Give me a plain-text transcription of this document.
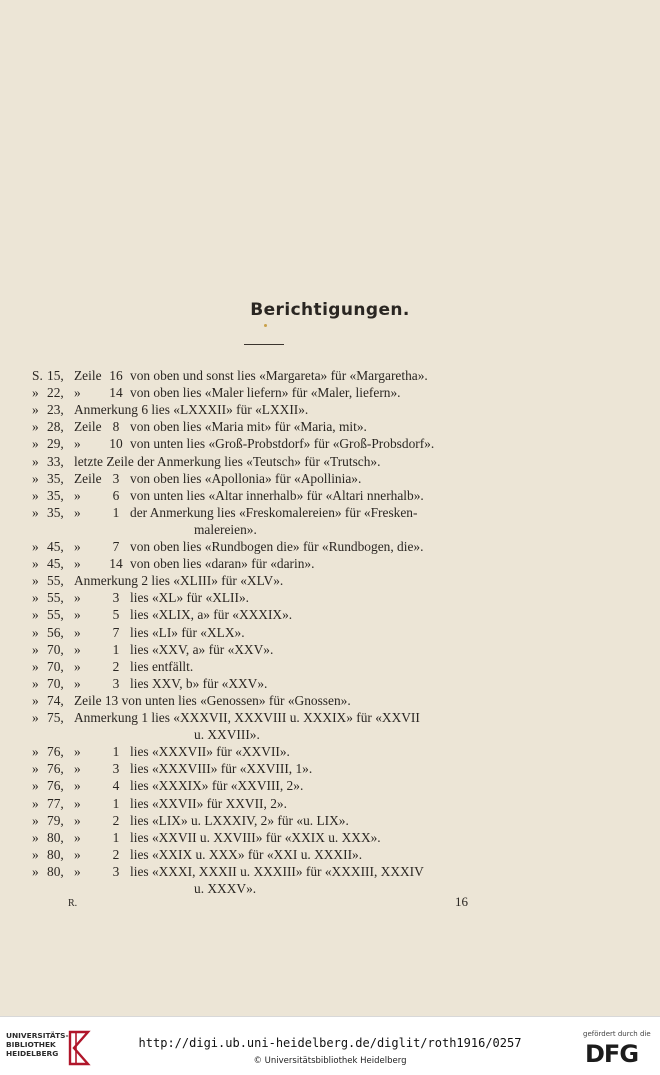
Berichtigungen.
S. 15, Zeile 16 von oben und sonst lies «Margareta» für «Margaretha».
» 22, » 14 von oben lies «Maler liefern» für «Maler, liefern».
» 23, Anmerkung 6 lies «LXXXII» für «LXXII».
» 28, Zeile 8 von oben lies «Maria mit» für «Maria, mit».
» 29, » 10 von unten lies «Groß-Probstdorf» für «Groß-Probsdorf».
» 33, letzte Zeile der Anmerkung lies «Teutsch» für «Trutsch».
» 35, Zeile 3 von oben lies «Apollonia» für «Apollinia».
» 35, »	6 von unten lies «Altar innerhalb» für «Altari nnerhalb».
» 35, »	1 der Anmerkung lies «Freskomalereien» für «Fresken-
malereien».
» 45, »	7 von oben lies «Rundbogen die» für «Rundbogen, die».
» 45, » 14 von oben lies «daran» für «darin».
» 55, Anmerkung 2 lies «XLIII» für «XLV».
» 55, »	3 lies «XL» für «XLII».
» 55, »	5 lies «XLIX, a» für «XXXIX».
» 56, »	7 lies «LI» für «XLX».
» 70, »	1 lies «XXV, a» für «XXV».
» 70, »	2 lies entfällt.
» 70, »	3 lies XXV, b» für «XXV».
» 74, Zeile 13 von unten lies «Genossen» für «Gnossen».
» 75, Anmerkung 1 lies «XXXVII, XXXVIII u. XXXIX» für «XXVII
u. XXVIII».
» 76, »	1 lies «XXXVII» für «XXVII».
» 76, »	3 lies «XXXVIII» für «XXVIII, 1».
» 76, »	4 lies «XXXIX» für «XXVIII, 2».
» 77, »	1 lies «XXVII» für XXVII, 2».
» 79, »	2 lies «LIX» u. LXXXIV, 2» für «u. LIX».
» 80, »	1 lies «XXVII u. XXVIII» für «XXIX u. XXX».
» 80, »	2 lies «XXIX u. XXX» für «XXI u. XXXII».
» 80, »	3 lies «XXXI, XXXII u. XXXIII» für «XXXIII, XXXIV
u. XXXV».
R.	16
UNIVERSITÄTS-
BIBLIOTHEK
HEIDELBERG
http://digi.ub.uni-heidelberg.de/diglit/roth1916/0257
© Universitätsbibliothek Heidelberg
gefördert durch die
DFG
